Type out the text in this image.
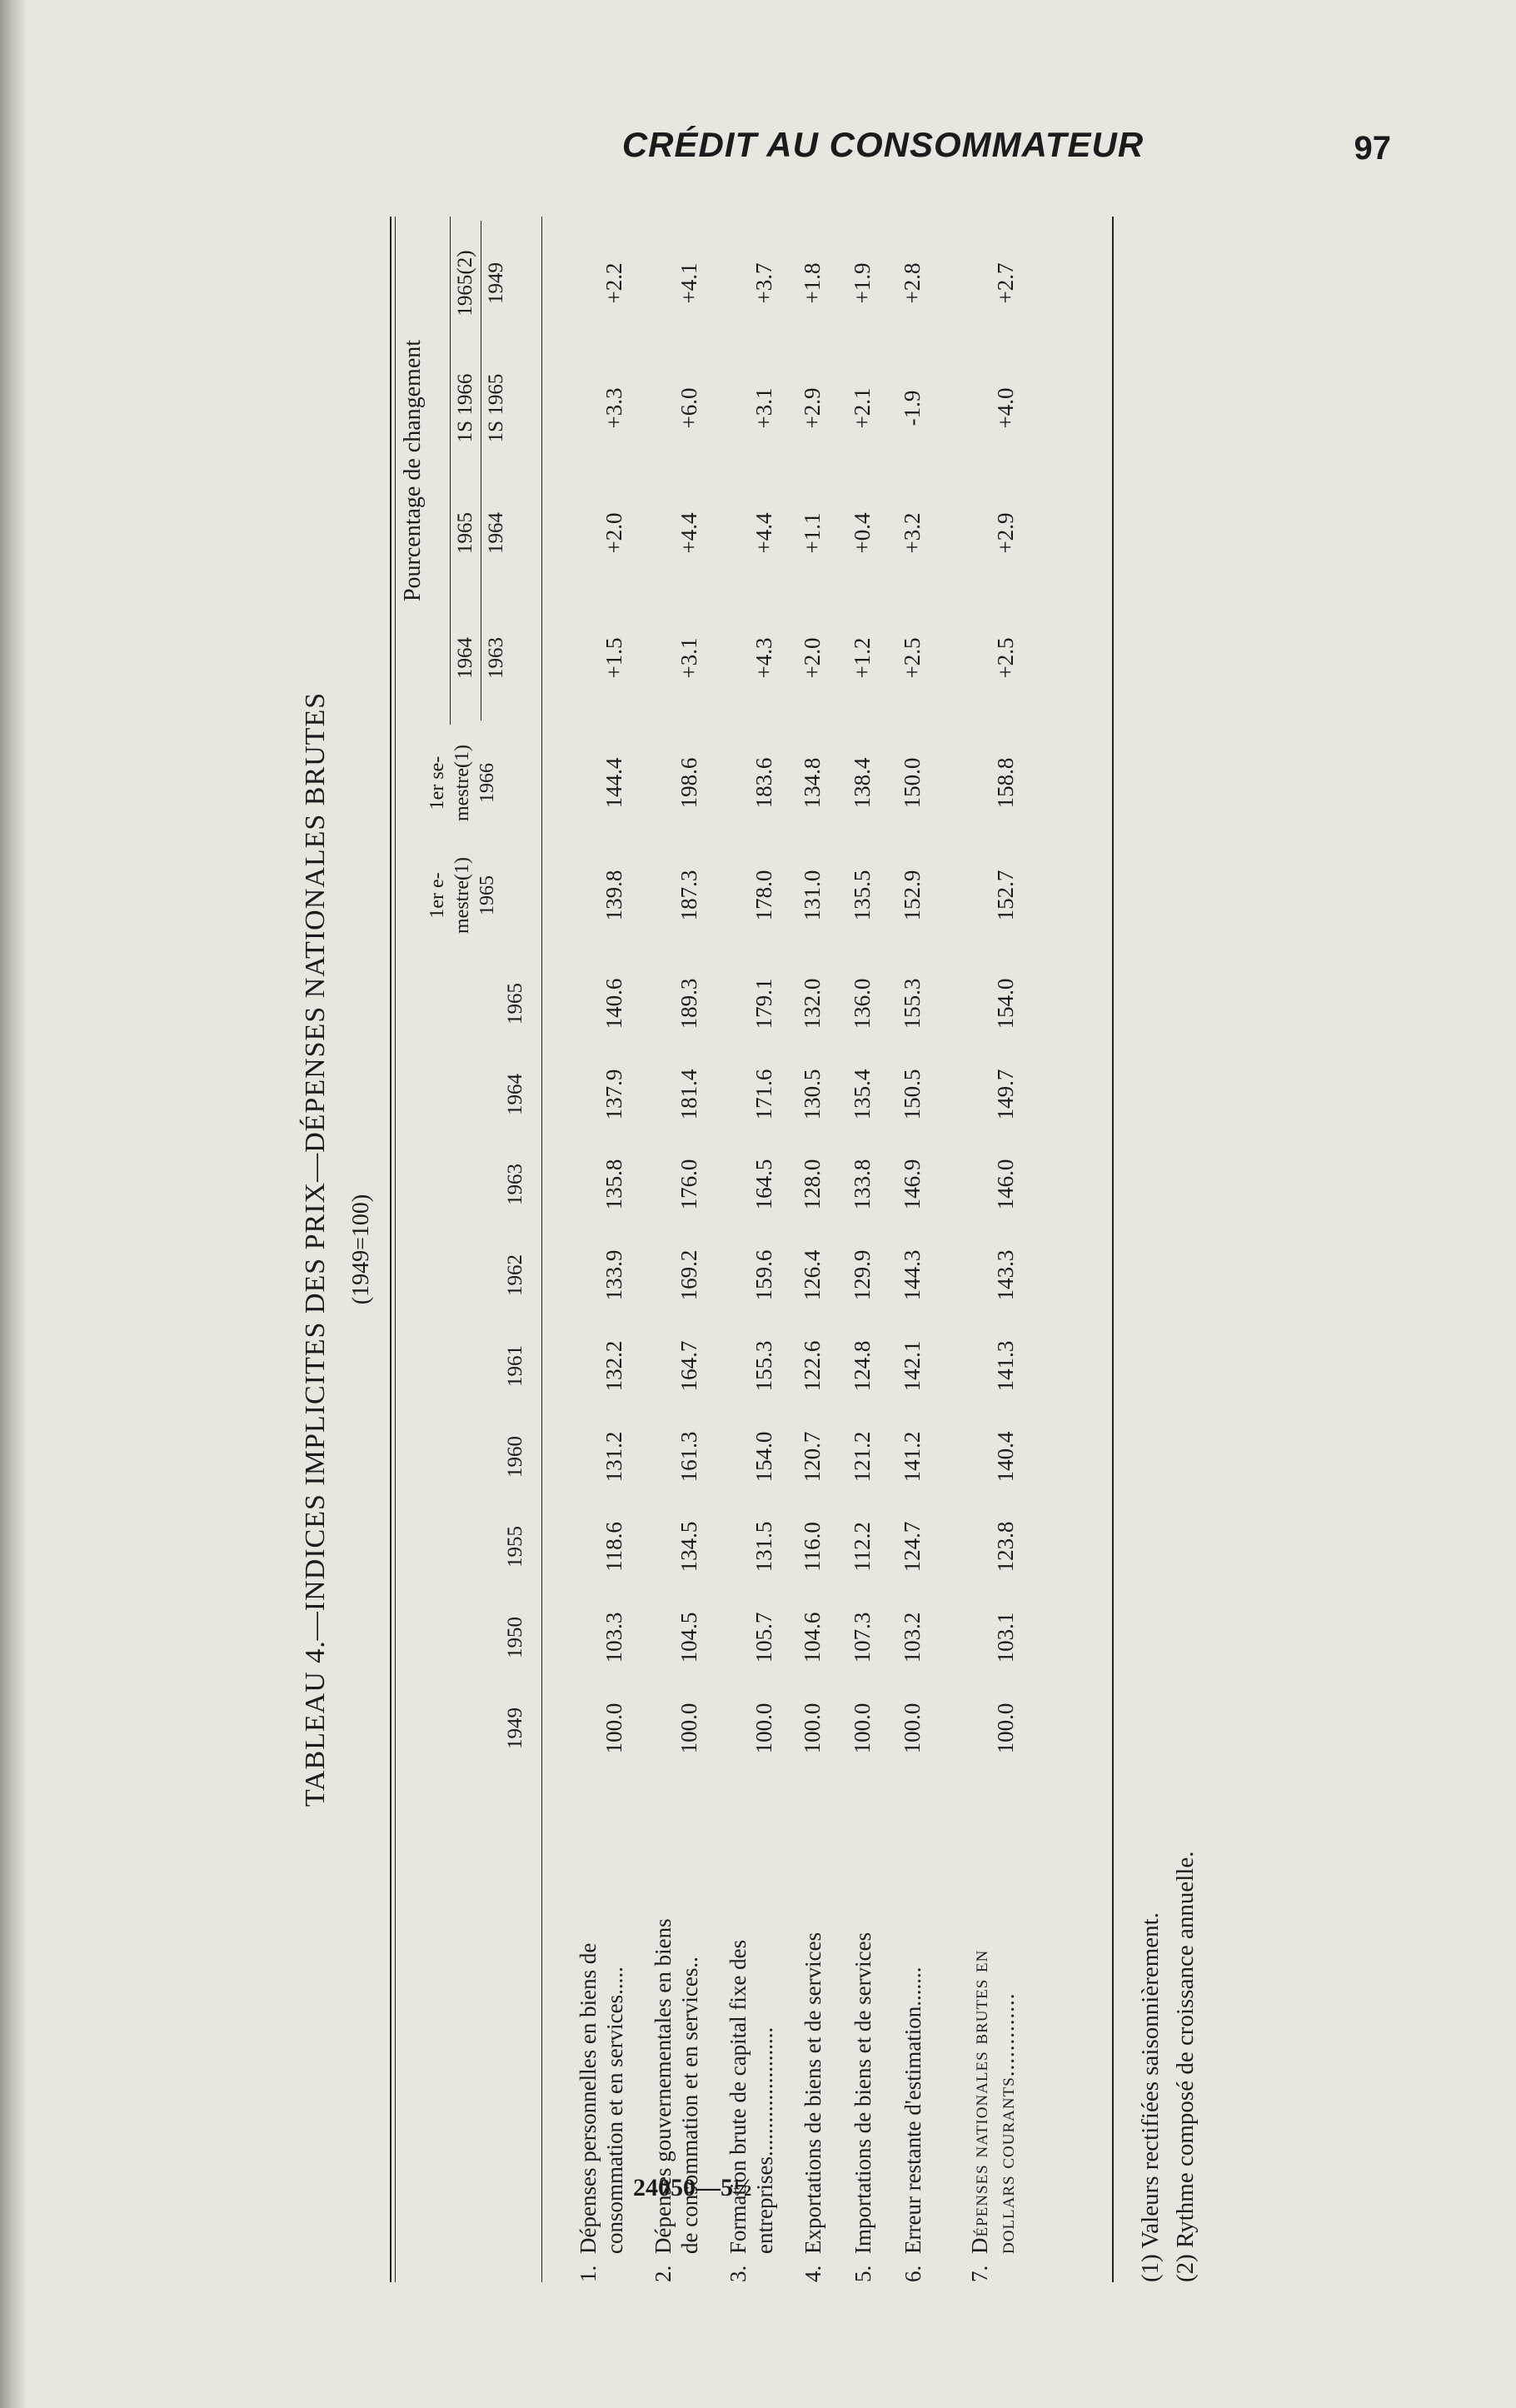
CRÉDIT AU CONSOMMATEUR	97
TABLEAU 4.—INDICES IMPLICITES DES PRIX—DÉPENSES NATIONALES BRUTES (1949=100)
Pourcentage de changement
1er e- mestre(1) 1965
1er se- mestre(1) 1966
1949
1950
1955
1960
1961
1962
1963
1964
1964 1963
1965 1964
1S 1966 1S 1965
1965(2) 1949
1.Dépenses personnelles en biens de consommation et en services.....
100.0
103.3
118.6
131.2
132.2
133.9
135.8
137.9
140.6
139.8
144.4
+1.5
+2.0
+3.3
+2.2
2.Dépenses gouvernementales en biens de consommation et en services..
100.0
104.5
134.5
161.3
164.7
169.2
176.0
181.4
189.3
187.3
198.6
+3.1
+4.4
+6.0
+4.1
3.Formation brute de capital fixe des entreprises.......................
100.0
105.7
131.5
154.0
155.3
159.6
164.5
171.6
179.1
178.0
183.6
+4.3
+4.4
+3.1
+3.7
4.Exportations de biens et de services
100.0
104.6
116.0
120.7
122.6
126.4
128.0
130.5
132.0
131.0
134.8
+2.0
+1.1
+2.9
+1.8
5.Importations de biens et de services
100.0
107.3
112.2
121.2
124.8
129.9
133.8
135.4
136.0
135.5
138.4
+1.2
+0.4
+2.1
+1.9
6.Erreur restante d'estimation.......
100.0
103.2
124.7
141.2
142.1
144.3
146.9
150.5
155.3
152.9
150.0
+2.5
+3.2
-1.9
+2.8
7.Dépenses nationales brutes en dollars courants.............
100.0
103.1
123.8
140.4
141.3
143.3
146.0
149.7
154.0
152.7
158.8
+2.5
+2.9
+4.0
+2.7
(1) Valeurs rectifiées saisonnièrement. (2) Rythme composé de croissance annuelle.
1965
24050—5½
